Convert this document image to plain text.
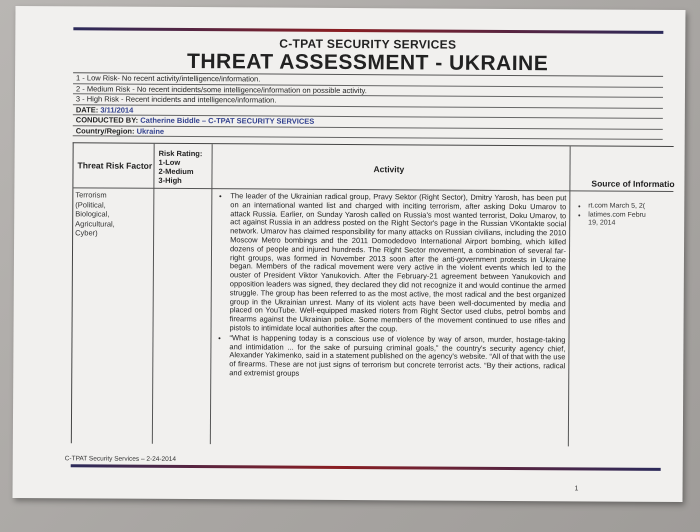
C-TPAT SECURITY SERVICES
THREAT ASSESSMENT - UKRAINE
1 - Low Risk- No recent activity/intelligence/information.
2 - Medium Risk - No recent incidents/some intelligence/information on possible activity.
3 - High Risk - Recent incidents and intelligence/information.
DATE: 3/11/2014
CONDUCTED BY: Catherine Biddle – C-TPAT SECURITY SERVICES
Country/Region: Ukraine
Threat Risk Factor
Risk Rating:
1-Low
2-Medium
3-High
Activity
Source of Informatio
Terrorism (Political, Biological, Agricultural, Cyber)
• The leader of the Ukrainian radical group, Pravy Sektor (Right Sector), Dmitry Yarosh, has been put on an international wanted list and charged with inciting terrorism, after asking Doku Umarov to attack Russia. Earlier, on Sunday Yarosh called on Russia's most wanted terrorist, Doku Umarov, to act against Russia in an address posted on the Right Sector's page in the Russian VKontakte social network. Umarov has claimed responsibility for many attacks on Russian civilians, including the 2010 Moscow Metro bombings and the 2011 Domodedovo International Airport bombing, which killed dozens of people and injured hundreds. The Right Sector movement, a combination of several far-right groups, was formed in November 2013 soon after the anti-government protests in Ukraine began. Members of the radical movement were very active in the violent events which led to the ouster of President Viktor Yanukovich. After the February-21 agreement between Yanukovich and opposition leaders was signed, they declared they did not recognize it and would continue the armed struggle. The group has been referred to as the most active, the most radical and the best organized group in the Ukrainian unrest. Many of its violent acts have been well-documented by media and placed on YouTube. Well-equipped masked rioters from Right Sector used clubs, petrol bombs and firearms against the Ukrainian police. Some members of the movement continued to use rifles and pistols to intimidate local authorities after the coup.
• “What is happening today is a conscious use of violence by way of arson, murder, hostage-taking and intimidation ... for the sake of pursuing criminal goals,” the country's security agency chief, Alexander Yakimenko, said in a statement published on the agency's website. “All of that with the use of firearms. These are not just signs of terrorism but concrete terrorist acts. “By their actions, radical and extremist groups
• rt.com March 5, 2(
• latimes.com Febru
19, 2014
C-TPAT Security Services – 2-24-2014
1
